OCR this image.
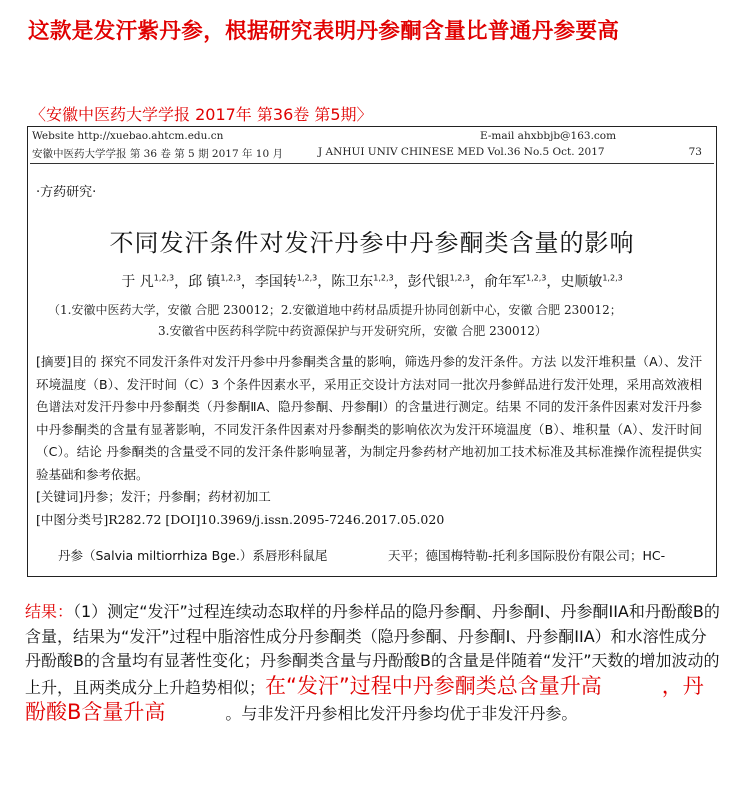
这款是发汗紫丹参，根据研究表明丹参酮含量比普通丹参要高
〈安徽中医药大学学报 2017年 第36卷 第5期〉
Website http://xuebao.ahtcm.edu.cn	E-mail ahxbbjb@163.com
安徽中医药大学学报 第 36 卷 第 5 期 2017 年 10 月	J ANHUI UNIV CHINESE MED Vol.36 No.5 Oct. 2017	73
·方药研究·
不同发汗条件对发汗丹参中丹参酮类含量的影响
于 凡$^{1,2,3}$，邱 镇$^{1,2,3}$，李国转$^{1,2,3}$，陈卫东$^{1,2,3}$，彭代银$^{1,2,3}$，俞年军$^{1,2,3}$，史顺敏$^{1,2,3}$
（1.安徽中医药大学，安徽 合肥 230012；2.安徽道地中药材品质提升协同创新中心，安徽 合肥 230012；
3.安徽省中医药科学院中药资源保护与开发研究所，安徽 合肥 230012）
[摘要]目的 探究不同发汗条件对发汗丹参中丹参酮类含量的影响，筛选丹参的发汗条件。方法 以发汗堆积量（A）、发汗环境温度（B）、发汗时间（C）3 个条件因素水平，采用正交设计方法对同一批次丹参鲜品进行发汗处理，采用高效液相色谱法对发汗丹参中丹参酮类（丹参酮ⅡA、隐丹参酮、丹参酮Ⅰ）的含量进行测定。结果 不同的发汗条件因素对发汗丹参中丹参酮类的含量有显著影响，不同发汗条件因素对丹参酮类的影响依次为发汗环境温度（B）、堆积量（A）、发汗时间（C）。结论 丹参酮类的含量受不同的发汗条件影响显著，为制定丹参药材产地初加工技术标准及其标准操作流程提供实验基础和参考依据。
[关键词]丹参；发汗；丹参酮；药材初加工
[中图分类号]R282.72 [DOI]10.3969/j.issn.2095-7246.2017.05.020
丹参（Salvia miltiorrhiza Bge.）系唇形科鼠尾	天平；德国梅特勒-托利多国际股份有限公司；HC-
结果：（1）测定“发汗”过程连续动态取样的丹参样品的隐丹参酮、丹参酮I、丹参酮IIA和丹酚酸B的含量，结果为“发汗”过程中脂溶性成分丹参酮类（隐丹参酮、丹参酮I、丹参酮IIA）和水溶性成分丹酚酸B的含量均有显著性变化；丹参酮类含量与丹酚酸B的含量是伴随着“发汗”天数的增加波动的上升，且两类成分上升趋势相似；在“发汗”过程中丹参酮类总含量升高	，丹酚酸B含量升高	。与非发汗丹参相比发汗丹参均优于非发汗丹参。
